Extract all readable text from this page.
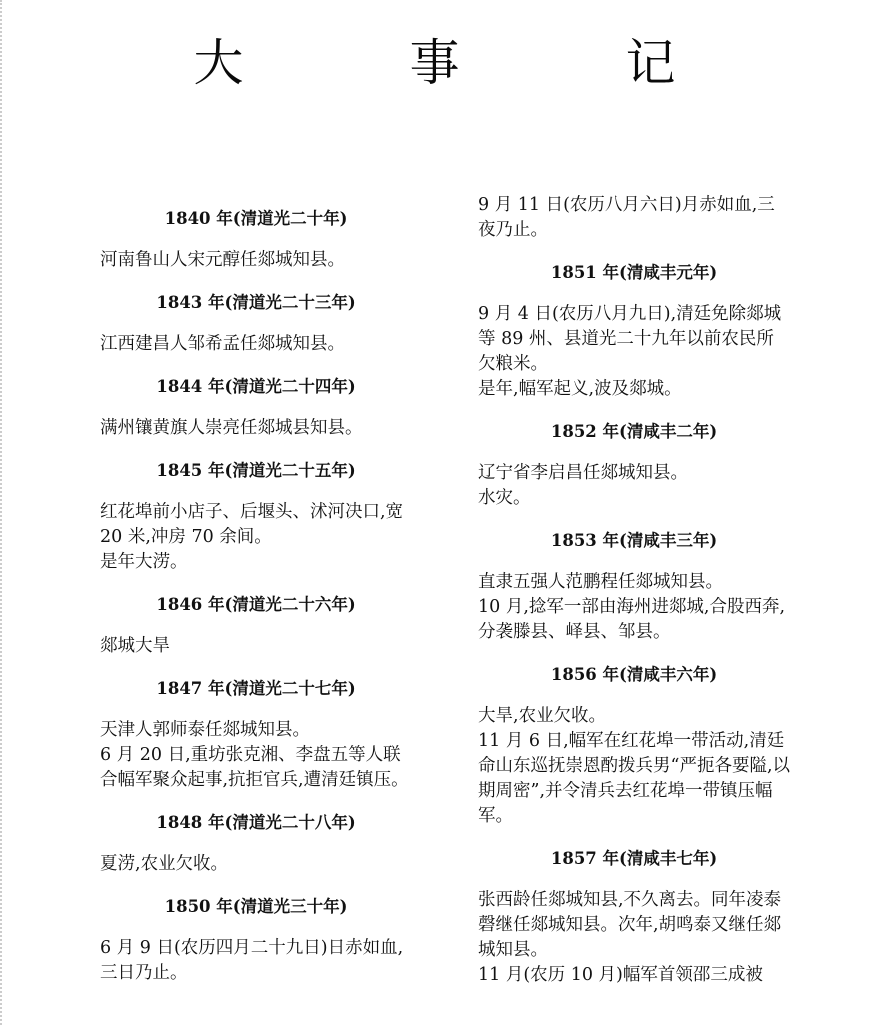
大　事　记
1840 年(清道光二十年)

河南鲁山人宋元醇任郯城知县。

1843 年(清道光二十三年)

江西建昌人邹希孟任郯城知县。

1844 年(清道光二十四年)

满州镶黄旗人崇亮任郯城县知县。

1845 年(清道光二十五年)

红花埠前小店子、后堰头、沭河决口,宽20 米,冲房 70 余间。

是年大涝。

1846 年(清道光二十六年)

郯城大旱

1847 年(清道光二十七年)

天津人郭师泰任郯城知县。

6 月 20 日,重坊张克湘、李盘五等人联合幅军聚众起事,抗拒官兵,遭清廷镇压。

1848 年(清道光二十八年)

夏涝,农业欠收。

1850 年(清道光三十年)

6 月 9 日(农历四月二十九日)日赤如血,三日乃止。

9 月 11 日(农历八月六日)月赤如血,三夜乃止。

1851 年(清咸丰元年)

9 月 4 日(农历八月九日),清廷免除郯城等 89 州、县道光二十九年以前农民所欠粮米。

是年,幅军起义,波及郯城。

1852 年(清咸丰二年)

辽宁省李启昌任郯城知县。

水灾。

1853 年(清咸丰三年)

直隶五强人范鹏程任郯城知县。

10 月,捻军一部由海州进郯城,合股西奔,分袭滕县、峄县、邹县。

1856 年(清咸丰六年)

大旱,农业欠收。

11 月 6 日,幅军在红花埠一带活动,清廷命山东巡抚崇恩酌拨兵男“严扼各要隘,以期周密”,并令清兵去红花埠一带镇压幅军。

1857 年(清咸丰七年)

张西龄任郯城知县,不久离去。同年凌泰磬继任郯城知县。次年,胡鸣泰又继任郯城知县。

11 月(农历 10 月)幅军首领邵三成被
